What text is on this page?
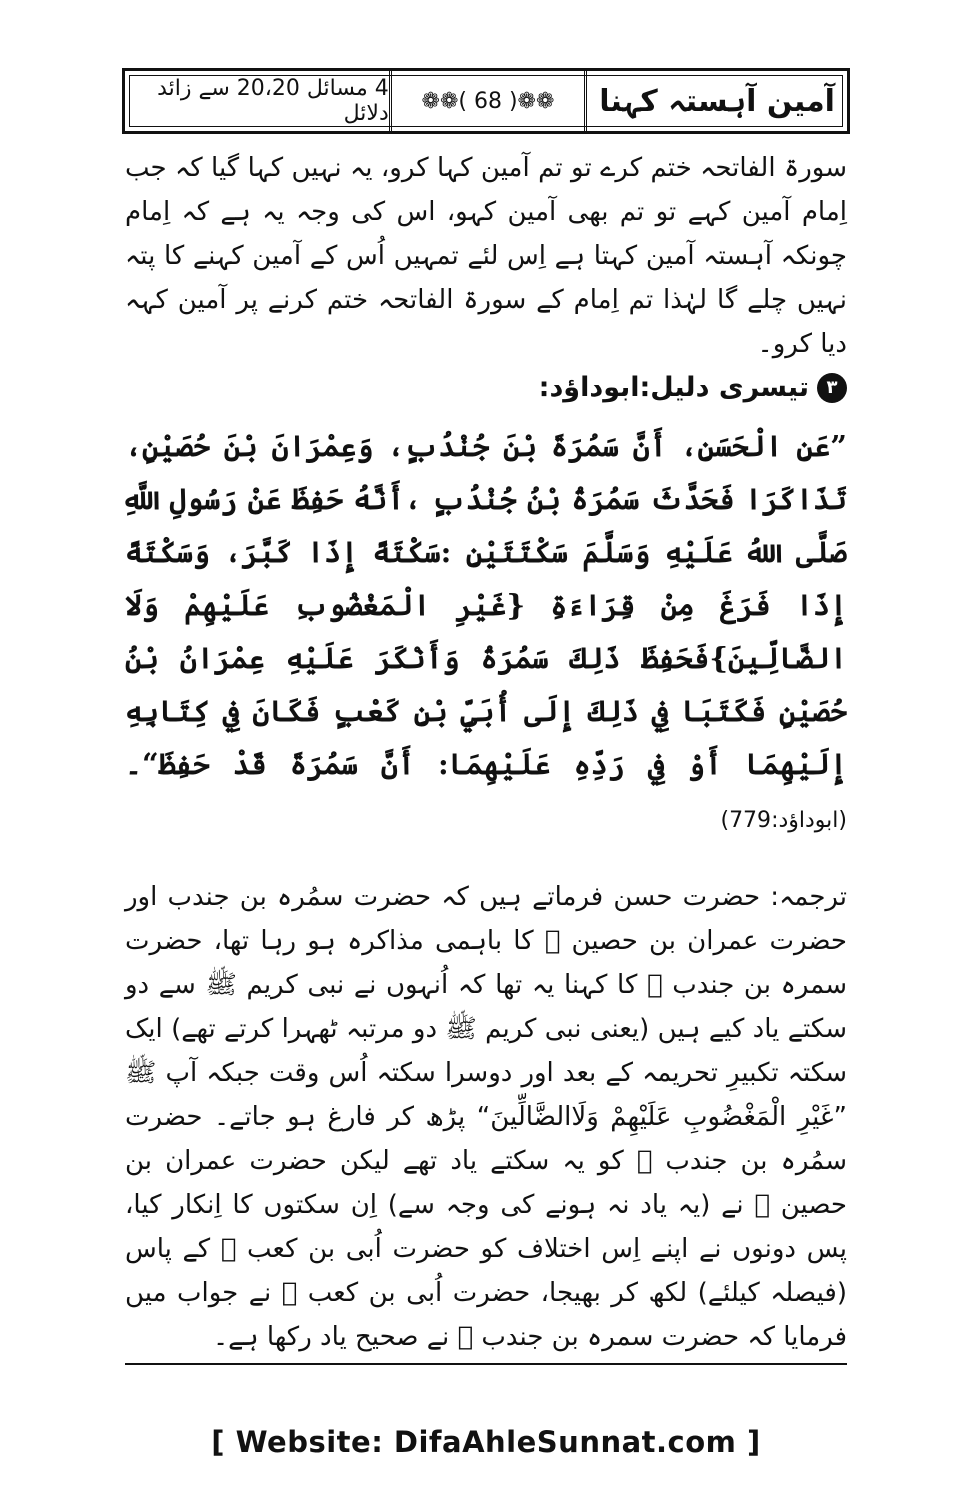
آمین آہستہ کہنا
❁❁( 68 )❁❁
4 مسائل 20،20 سے زائد دلائل

سورۃ الفاتحہ ختم کرے تو تم آمین کہا کرو، یہ نہیں کہا گیا کہ جب اِمام آمین کہے تو تم بھی آمین کہو، اس کی وجہ یہ ہے کہ اِمام چونکہ آہستہ آمین کہتا ہے اِس لئے تمہیں اُس کے آمین کہنے کا پتہ نہیں چلے گا لہٰذا تم اِمام کے سورۃ الفاتحہ ختم کرنے پر آمین کہہ دیا کرو۔

۳
تیسری دلیل:ابوداؤد:

”عَنِ الْحَسَنِ، أَنَّ سَمُرَةَ بْنَ جُنْدُبٍ، وَعِمْرَانَ بْنَ حُصَيْنٍ، تَذَاكَرَا فَحَدَّثَ سَمُرَةُ بْنُ جُنْدُبٍ ،أَنَّهُ حَفِظَ عَنْ رَسُولِ اللَّهِ صَلَّى اللهُ عَلَيْهِ وَسَلَّمَ سَكْتَتَيْنِ :سَكْتَةً إِذَا كَبَّرَ، وَسَكْتَةً إِذَا فَرَغَ مِنْ قِرَاءَةِ {غَيْرِ الْمَغْضُوبِ عَلَيْهِمْ وَلَا الضَّالِّينَ}فَحَفِظَ ذَلِكَ سَمُرَةُ وَأَنْكَرَ عَلَيْهِ عِمْرَانُ بْنُ حُصَيْنٍ فَكَتَبَا فِي ذَلِكَ إِلَى أُبَيِّ بْنِ كَعْبٍ فَكَانَ فِي كِتَابِهِ إِلَيْهِمَا أَوْ فِي رَدِّهِ عَلَيْهِمَا: أَنَّ سَمُرَةَ قَدْ حَفِظَ“۔ (ابوداؤد:779)

ترجمہ: حضرت حسن فرماتے ہیں کہ حضرت سمُرہ بن جندب اور حضرت عمران بن حصین ﷛ کا باہمی مذاکرہ ہو رہا تھا، حضرت سمرہ بن جندب ﷛ کا کہنا یہ تھا کہ اُنہوں نے نبی کریم ﷺ سے دو سکتے یاد کیے ہیں (یعنی نبی کریم ﷺ دو مرتبہ ٹھہرا کرتے تھے) ایک سکتہ تکبیرِ تحریمہ کے بعد اور دوسرا سکتہ اُس وقت جبکہ آپ ﷺ ”غَيْرِ الْمَغْضُوبِ عَلَيْهِمْ وَلَاالضَّالِّينَ“ پڑھ کر فارغ ہو جاتے۔ حضرت سمُرہ بن جندب ﷛ کو یہ سکتے یاد تھے لیکن حضرت عمران بن حصین ﷛ نے (یہ یاد نہ ہونے کی وجہ سے) اِن سکتوں کا اِنکار کیا، پس دونوں نے اپنے اِس اختلاف کو حضرت اُبی بن کعب ﷛ کے پاس (فیصلہ کیلئے) لکھ کر بھیجا، حضرت اُبی بن کعب ﷛ نے جواب میں فرمایا کہ حضرت سمرہ بن جندب ﷛ نے صحیح یاد رکھا ہے۔

[ Website: DifaAhleSunnat.com ]
